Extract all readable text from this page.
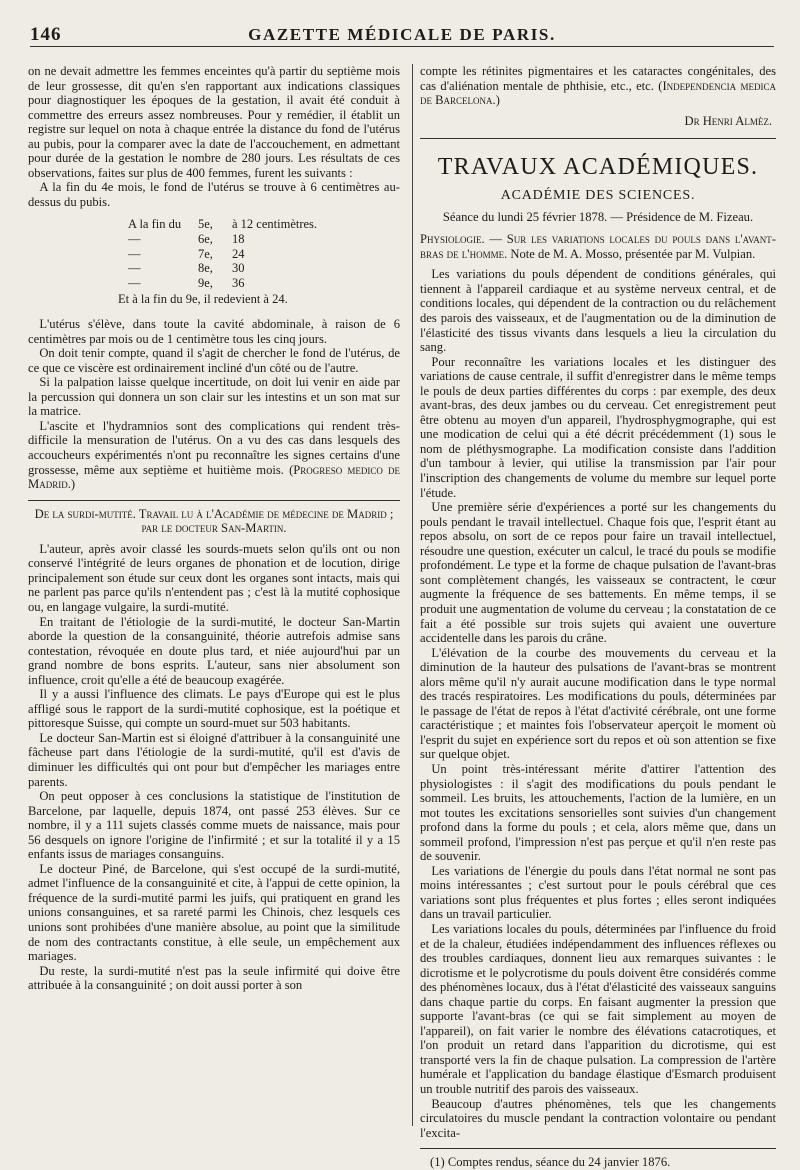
146	GAZETTE MÉDICALE DE PARIS.

on ne devait admettre les femmes enceintes qu'à partir du septième mois de leur grossesse, dit qu'en s'en rapportant aux indications classiques pour diagnostiquer les époques de la gestation, il avait été conduit à commettre des erreurs assez nombreuses. Pour y remédier, il établit un registre sur lequel on nota à chaque entrée la distance du fond de l'utérus au pubis, pour la comparer avec la date de l'accouchement, en admettant pour durée de la gestation le nombre de 280 jours. Les résultats de ces observations, faites sur plus de 400 femmes, furent les suivants :

A la fin du 4e mois, le fond de l'utérus se trouve à 6 centimètres au-dessus du pubis.

A la fin du	5e,	à 12 centimètres.
—	6e,	18
—	7e,	24
—	8e,	30
—	9e,	36
Et à la fin du 9e, il redevient à 24.

L'utérus s'élève, dans toute la cavité abdominale, à raison de 6 centimètres par mois ou de 1 centimètre tous les cinq jours.

On doit tenir compte, quand il s'agit de chercher le fond de l'utérus, de ce que ce viscère est ordinairement incliné d'un côté ou de l'autre.

Si la palpation laisse quelque incertitude, on doit lui venir en aide par la percussion qui donnera un son clair sur les intestins et un son mat sur la matrice.

L'ascite et l'hydramnios sont des complications qui rendent très-difficile la mensuration de l'utérus. On a vu des cas dans lesquels des accoucheurs expérimentés n'ont pu reconnaître les signes certains d'une grossesse, même aux septième et huitième mois. (Progreso medico de Madrid.)

De la surdi-mutité. Travail lu à l'Académie de médecine de Madrid ; par le docteur San-Martin.

L'auteur, après avoir classé les sourds-muets selon qu'ils ont ou non conservé l'intégrité de leurs organes de phonation et de locution, dirige principalement son étude sur ceux dont les organes sont intacts, mais qui ne parlent pas parce qu'ils n'entendent pas ; c'est là la mutité cophosique ou, en langage vulgaire, la surdi-mutité.

En traitant de l'étiologie de la surdi-mutité, le docteur San-Martin aborde la question de la consanguinité, théorie autrefois admise sans contestation, révoquée en doute plus tard, et niée aujourd'hui par un grand nombre de bons esprits. L'auteur, sans nier absolument son influence, croit qu'elle a été de beaucoup exagérée.

Il y a aussi l'influence des climats. Le pays d'Europe qui est le plus affligé sous le rapport de la surdi-mutité cophosique, est la poétique et pittoresque Suisse, qui compte un sourd-muet sur 503 habitants.

Le docteur San-Martin est si éloigné d'attribuer à la consanguinité une fâcheuse part dans l'étiologie de la surdi-mutité, qu'il est d'avis de diminuer les difficultés qui ont pour but d'empêcher les mariages entre parents.

On peut opposer à ces conclusions la statistique de l'institution de Barcelone, par laquelle, depuis 1874, ont passé 253 élèves. Sur ce nombre, il y a 111 sujets classés comme muets de naissance, mais pour 56 desquels on ignore l'origine de l'infirmité ; et sur la totalité il y a 15 enfants issus de mariages consanguins.

Le docteur Piné, de Barcelone, qui s'est occupé de la surdi-mutité, admet l'influence de la consanguinité et cite, à l'appui de cette opinion, la fréquence de la surdi-mutité parmi les juifs, qui pratiquent en grand les unions consanguines, et sa rareté parmi les Chinois, chez lesquels ces unions sont prohibées d'une manière absolue, au point que la similitude de nom des contractants constitue, à elle seule, un empêchement aux mariages.

Du reste, la surdi-mutité n'est pas la seule infirmité qui doive être attribuée à la consanguinité ; on doit aussi porter à son

compte les rétinites pigmentaires et les cataractes congénitales, des cas d'aliénation mentale de phthisie, etc., etc. (Independencia medica de Barcelona.)

Dr Henri Almèz.
TRAVAUX ACADÉMIQUES.
ACADÉMIE DES SCIENCES.
Séance du lundi 25 février 1878. — Présidence de M. Fizeau.

Physiologie. — Sur les variations locales du pouls dans l'avant-bras de l'homme. Note de M. A. Mosso, présentée par M. Vulpian.

Les variations du pouls dépendent de conditions générales, qui tiennent à l'appareil cardiaque et au système nerveux central, et de conditions locales, qui dépendent de la contraction ou du relâchement des parois des vaisseaux, et de l'augmentation ou de la diminution de l'élasticité des tissus vivants dans lesquels a lieu la circulation du sang.

Pour reconnaître les variations locales et les distinguer des variations de cause centrale, il suffit d'enregistrer dans le même temps le pouls de deux parties différentes du corps : par exemple, des deux avant-bras, des deux jambes ou du cerveau. Cet enregistrement peut être obtenu au moyen d'un appareil, l'hydrosphygmographe, qui est une modication de celui qui a été décrit précédemment (1) sous le nom de pléthysmographe. La modification consiste dans l'addition d'un tambour à levier, qui utilise la transmission par l'air pour l'inscription des changements de volume du membre sur lequel porte l'étude.

Une première série d'expériences a porté sur les changements du pouls pendant le travail intellectuel. Chaque fois que, l'esprit étant au repos absolu, on sort de ce repos pour faire un travail intellectuel, résoudre une question, exécuter un calcul, le tracé du pouls se modifie profondément. Le type et la forme de chaque pulsation de l'avant-bras sont complètement changés, les vaisseaux se contractent, le cœur augmente la fréquence de ses battements. En même temps, il se produit une augmentation de volume du cerveau ; la constatation de ce fait a été possible sur trois sujets qui avaient une ouverture accidentelle dans les parois du crâne.

L'élévation de la courbe des mouvements du cerveau et la diminution de la hauteur des pulsations de l'avant-bras se montrent alors même qu'il n'y aurait aucune modification dans le type normal des tracés respiratoires. Les modifications du pouls, déterminées par le passage de l'état de repos à l'état d'activité cérébrale, ont une forme caractéristique ; et maintes fois l'observateur aperçoit le moment où l'esprit du sujet en expérience sort du repos et où son attention se fixe sur quelque objet.

Un point très-intéressant mérite d'attirer l'attention des physiologistes : il s'agit des modifications du pouls pendant le sommeil. Les bruits, les attouchements, l'action de la lumière, en un mot toutes les excitations sensorielles sont suivies d'un changement profond dans la forme du pouls ; et cela, alors même que, dans un sommeil profond, l'impression n'est pas perçue et qu'il n'en reste pas de souvenir.

Les variations de l'énergie du pouls dans l'état normal ne sont pas moins intéressantes ; c'est surtout pour le pouls cérébral que ces variations sont plus fréquentes et plus fortes ; elles seront indiquées dans un travail particulier.

Les variations locales du pouls, déterminées par l'influence du froid et de la chaleur, étudiées indépendamment des influences réflexes ou des troubles cardiaques, donnent lieu aux remarques suivantes : le dicrotisme et le polycrotisme du pouls doivent être considérés comme des phénomènes locaux, dus à l'état d'élasticité des vaisseaux sanguins dans chaque partie du corps. En faisant augmenter la pression que supporte l'avant-bras (ce qui se fait simplement au moyen de l'appareil), on fait varier le nombre des élévations catacrotiques, et l'on produit un retard dans l'apparition du dicrotisme, qui est transporté vers la fin de chaque pulsation. La compression de l'artère humérale et l'application du bandage élastique d'Esmarch produisent un trouble nutritif des parois des vaisseaux.

Beaucoup d'autres phénomènes, tels que les changements circulatoires du muscle pendant la contraction volontaire ou pendant l'excita-

(1) Comptes rendus, séance du 24 janvier 1876.
